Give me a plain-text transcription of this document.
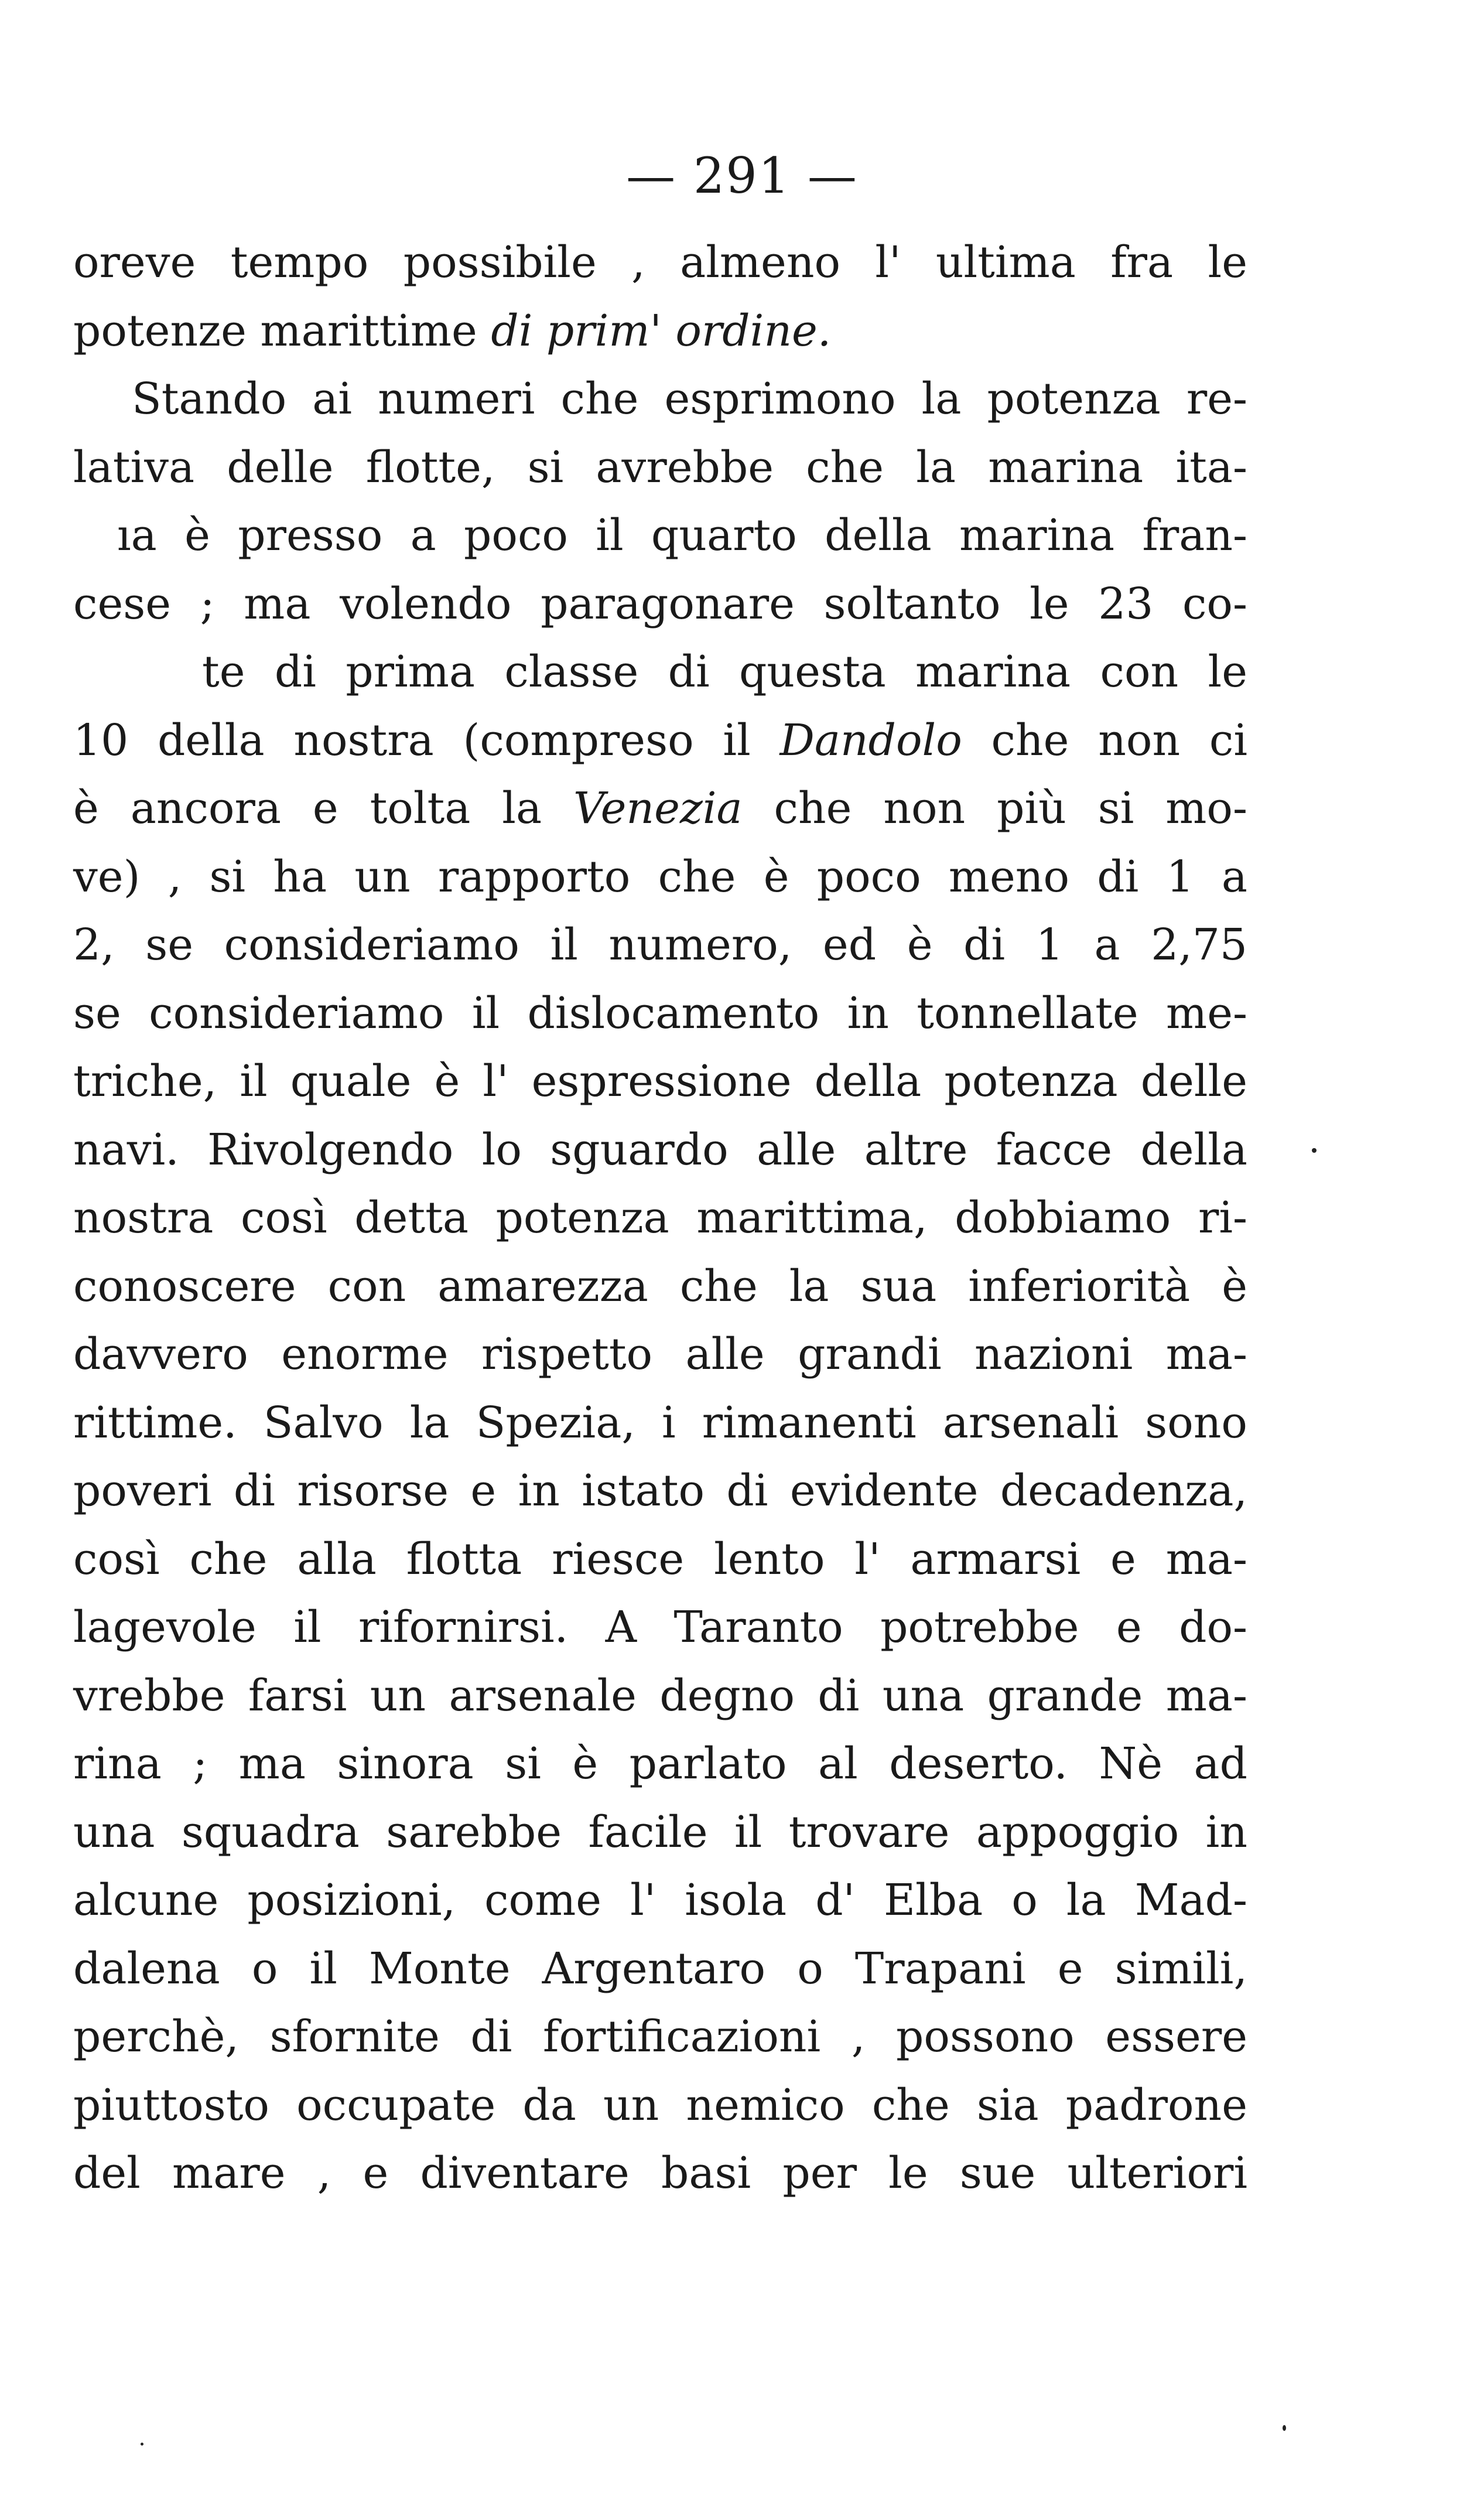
— 291 —
oreve tempo possibile , almeno l' ultima fra le
potenze marittime di prim' ordine.
Stando ai numeri che esprimono la potenza re-
lativa delle flotte, si avrebbe che la marina ita-
ıa è presso a poco il quarto della marina fran-
cese ; ma volendo paragonare soltanto le 23 co-
te di prima classe di questa marina con le
10 della nostra (compreso il Dandolo che non ci
è ancora e tolta la Venezia che non più si mo-
ve) , si ha un rapporto che è poco meno di 1 a
2, se consideriamo il numero, ed è di 1 a 2,75
se consideriamo il dislocamento in tonnellate me-
triche, il quale è l' espressione della potenza delle
navi. Rivolgendo lo sguardo alle altre facce della
nostra così detta potenza marittima, dobbiamo ri-
conoscere con amarezza che la sua inferiorità è
davvero enorme rispetto alle grandi nazioni ma-
rittime. Salvo la Spezia, i rimanenti arsenali sono
poveri di risorse e in istato di evidente decadenza,
così che alla flotta riesce lento l' armarsi e ma-
lagevole il rifornirsi. A Taranto potrebbe e do-
vrebbe farsi un arsenale degno di una grande ma-
rina ; ma sinora si è parlato al deserto. Nè ad
una squadra sarebbe facile il trovare appoggio in
alcune posizioni, come l' isola d' Elba o la Mad-
dalena o il Monte Argentaro o Trapani e simili,
perchè, sfornite di fortificazioni , possono essere
piuttosto occupate da un nemico che sia padrone
del mare , e diventare basi per le sue ulteriori
